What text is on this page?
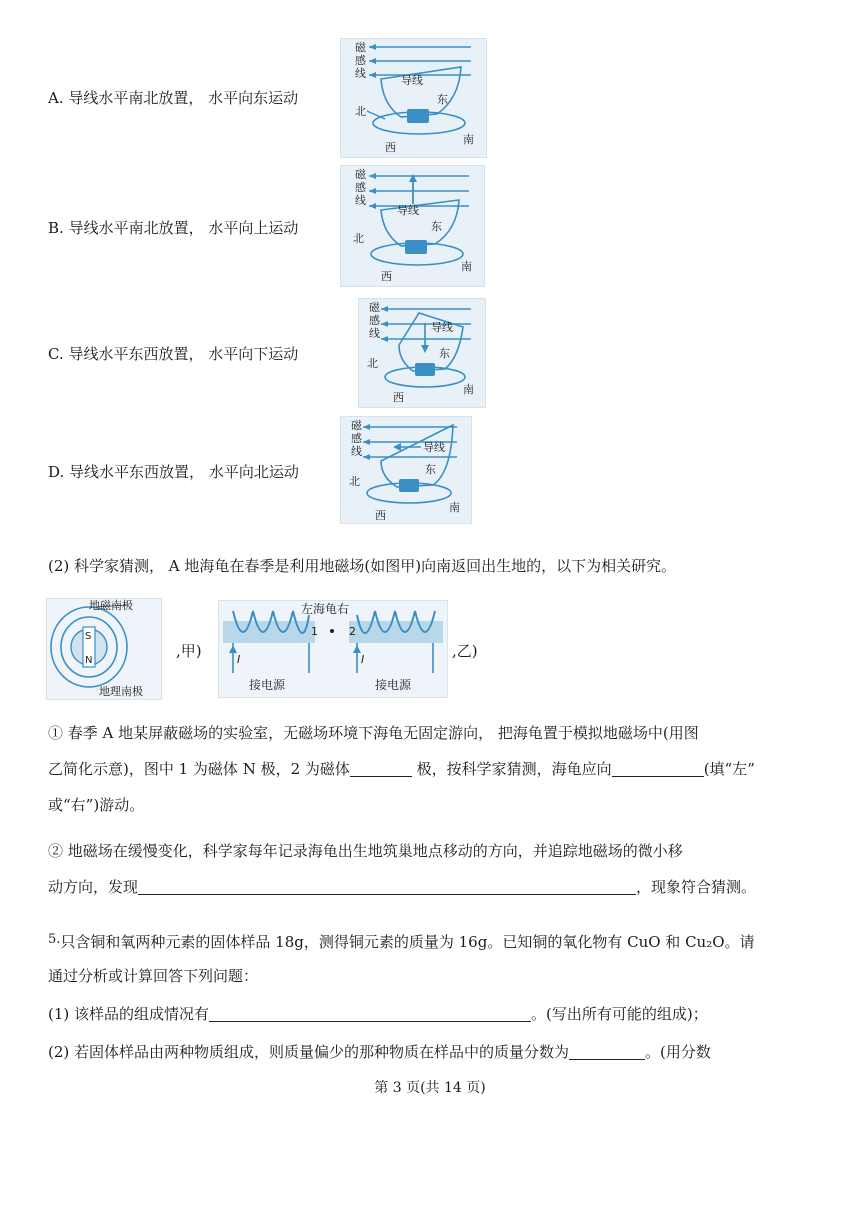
A. 导线水平南北放置， 水平向东运动
B. 导线水平南北放置， 水平向上运动
C. 导线水平东西放置， 水平向下运动
D. 导线水平东西放置， 水平向北运动
磁感线
导线
东
北
西
南
磁感线
导线
东
北
西
南
磁感线	导线
东
北
西
南
磁感线	导线
东
北
西
南
(2) 科学家猜测， A 地海龟在春季是利用地磁场(如图甲)向南返回出生地的，以下为相关研究。
S
N
地磁南极
地理南极
,甲)	I	I
1	2
左海龟右
接电源	接电源
,乙)
① 春季 A 地某屏蔽磁场的实验室，无磁场环境下海龟无固定游向， 把海龟置于模拟地磁场中(用图
乙简化示意)，图中 1 为磁体 N 极，2 为磁体	极，按科学家猜测，海龟应向	(填“左”
或“右”)游动。
② 地磁场在缓慢变化，科学家每年记录海龟出生地筑巢地点移动的方向，并追踪地磁场的微小移
动方向，发现	，现象符合猜测。
5.只含铜和氧两种元素的固体样品 18g，测得铜元素的质量为 16g。已知铜的氧化物有 CuO 和 Cu₂O。请
通过分析或计算回答下列问题：
(1) 该样品的组成情况有	。(写出所有可能的组成)；
(2) 若固体样品由两种物质组成，则质量偏少的那种物质在样品中的质量分数为	。(用分数
第 3 页(共 14 页)
